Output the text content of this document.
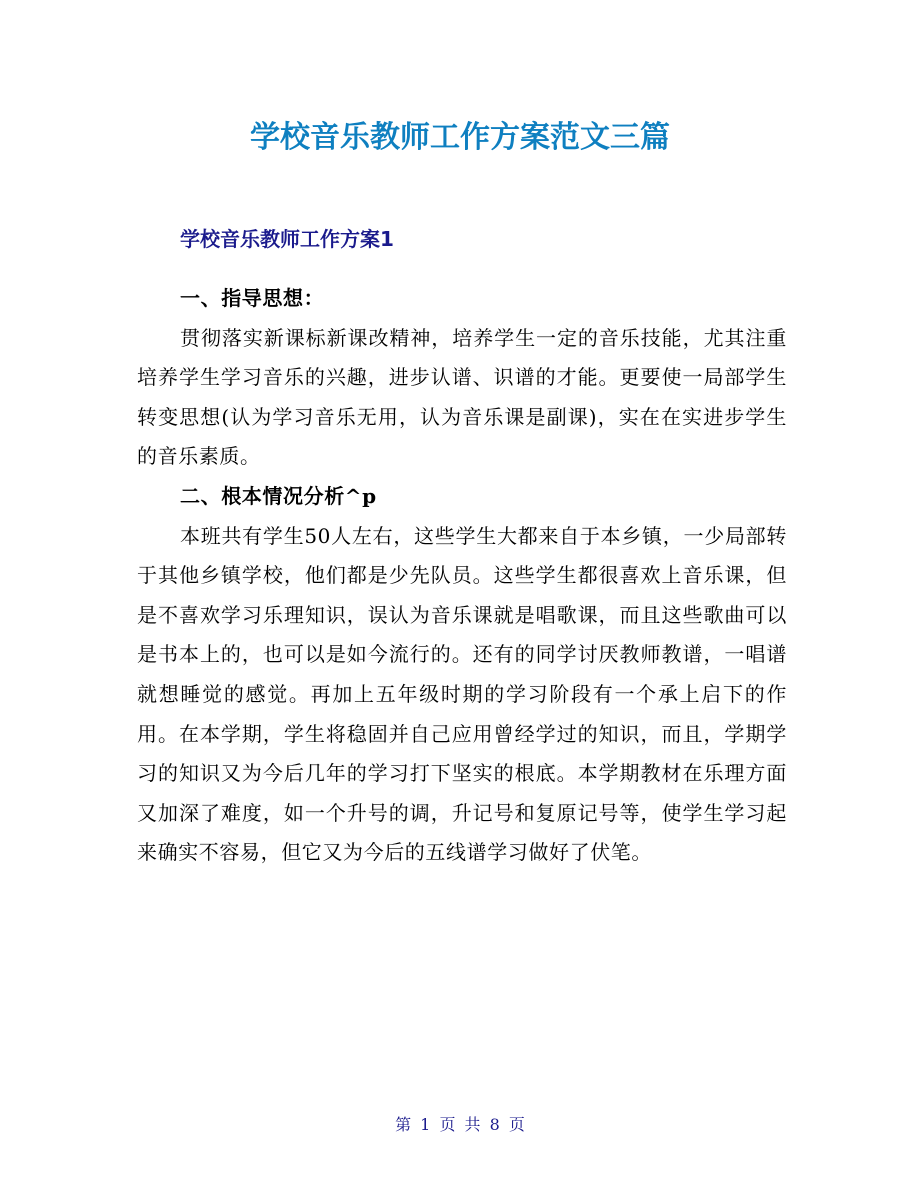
学校音乐教师工作方案范文三篇
学校音乐教师工作方案1

一、指导思想：

贯彻落实新课标新课改精神，培养学生一定的音乐技能，尤其注重培养学生学习音乐的兴趣，进步认谱、识谱的才能。更要使一局部学生转变思想(认为学习音乐无用，认为音乐课是副课)，实在在实进步学生的音乐素质。

二、根本情况分析^p

本班共有学生50人左右，这些学生大都来自于本乡镇，一少局部转于其他乡镇学校，他们都是少先队员。这些学生都很喜欢上音乐课，但是不喜欢学习乐理知识，误认为音乐课就是唱歌课，而且这些歌曲可以是书本上的，也可以是如今流行的。还有的同学讨厌教师教谱，一唱谱就想睡觉的感觉。再加上五年级时期的学习阶段有一个承上启下的作用。在本学期，学生将稳固并自己应用曾经学过的知识，而且，学期学习的知识又为今后几年的学习打下坚实的根底。本学期教材在乐理方面又加深了难度，如一个升号的调，升记号和复原记号等，使学生学习起来确实不容易，但它又为今后的五线谱学习做好了伏笔。

第 1 页 共 8 页
